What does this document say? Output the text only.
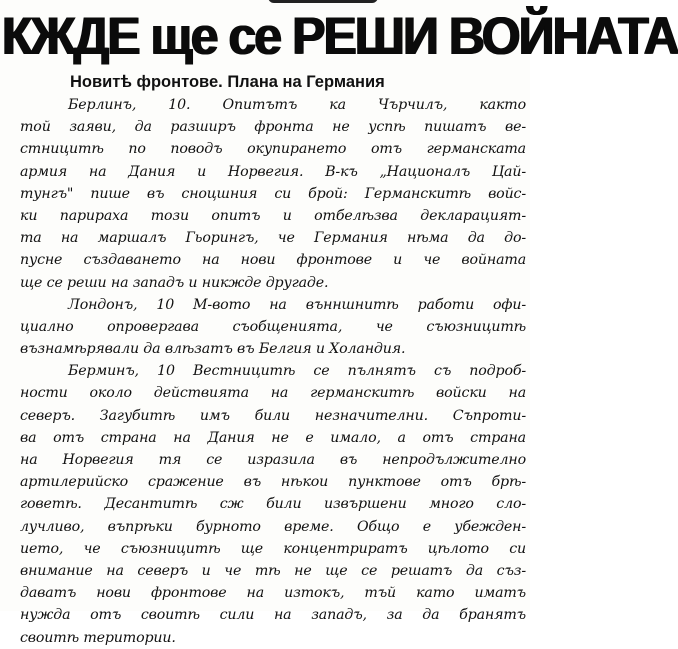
КЖДЕ ще се РЕШИ ВОЙНАТА
Новитѣ фронтове. Плана на Германия
Берлинъ, 10. Опитътъ ка Чърчилъ, както
той заяви, да разширъ фронта не успѣ пишатъ ве-
стницитѣ по поводъ окупирането отъ германската
армия на Дания и Норвегия. В-къ „Националъ Цай-
тунгъ" пише въ сноцшния си брой: Германскитѣ войс-
ки парираха този опитъ и отбелѣзва декларацият-
та на маршалъ Гьорингъ, че Германия нѣма да до-
пусне създаването на нови фронтове и че войната
ще се реши на западъ и никжде другаде.
Лондонъ, 10 М-вото на вънншнитѣ работи офи-
циално опровергава съобщенията, че съюзницитѣ
възнамѣрявали да влѣзатъ въ Белгия и Холандия.
Берминъ, 10 Вестницитѣ се пълнятъ съ подроб-
ности около действията на германскитѣ войски на
северъ. Загубитѣ имъ били незначителни. Съпроти-
ва отъ страна на Дания не е имало, а отъ страна
на Норвегия тя се изразила въ непродължително
артилерийско сражение въ нѣкои пунктове отъ брѣ-
говетѣ. Десантитѣ сж били извършени много сло-
лучливо, въпрѣки бурното време. Общо е убежден-
ието, че съюзницитѣ ще концентриратъ цѣлото си
внимание на северъ и че тѣ не ще се решатъ да съз-
даватъ нови фронтове на изтокъ, тъй като иматъ
нужда отъ своитѣ сили на западъ, за да бранятъ
своитѣ територии.
